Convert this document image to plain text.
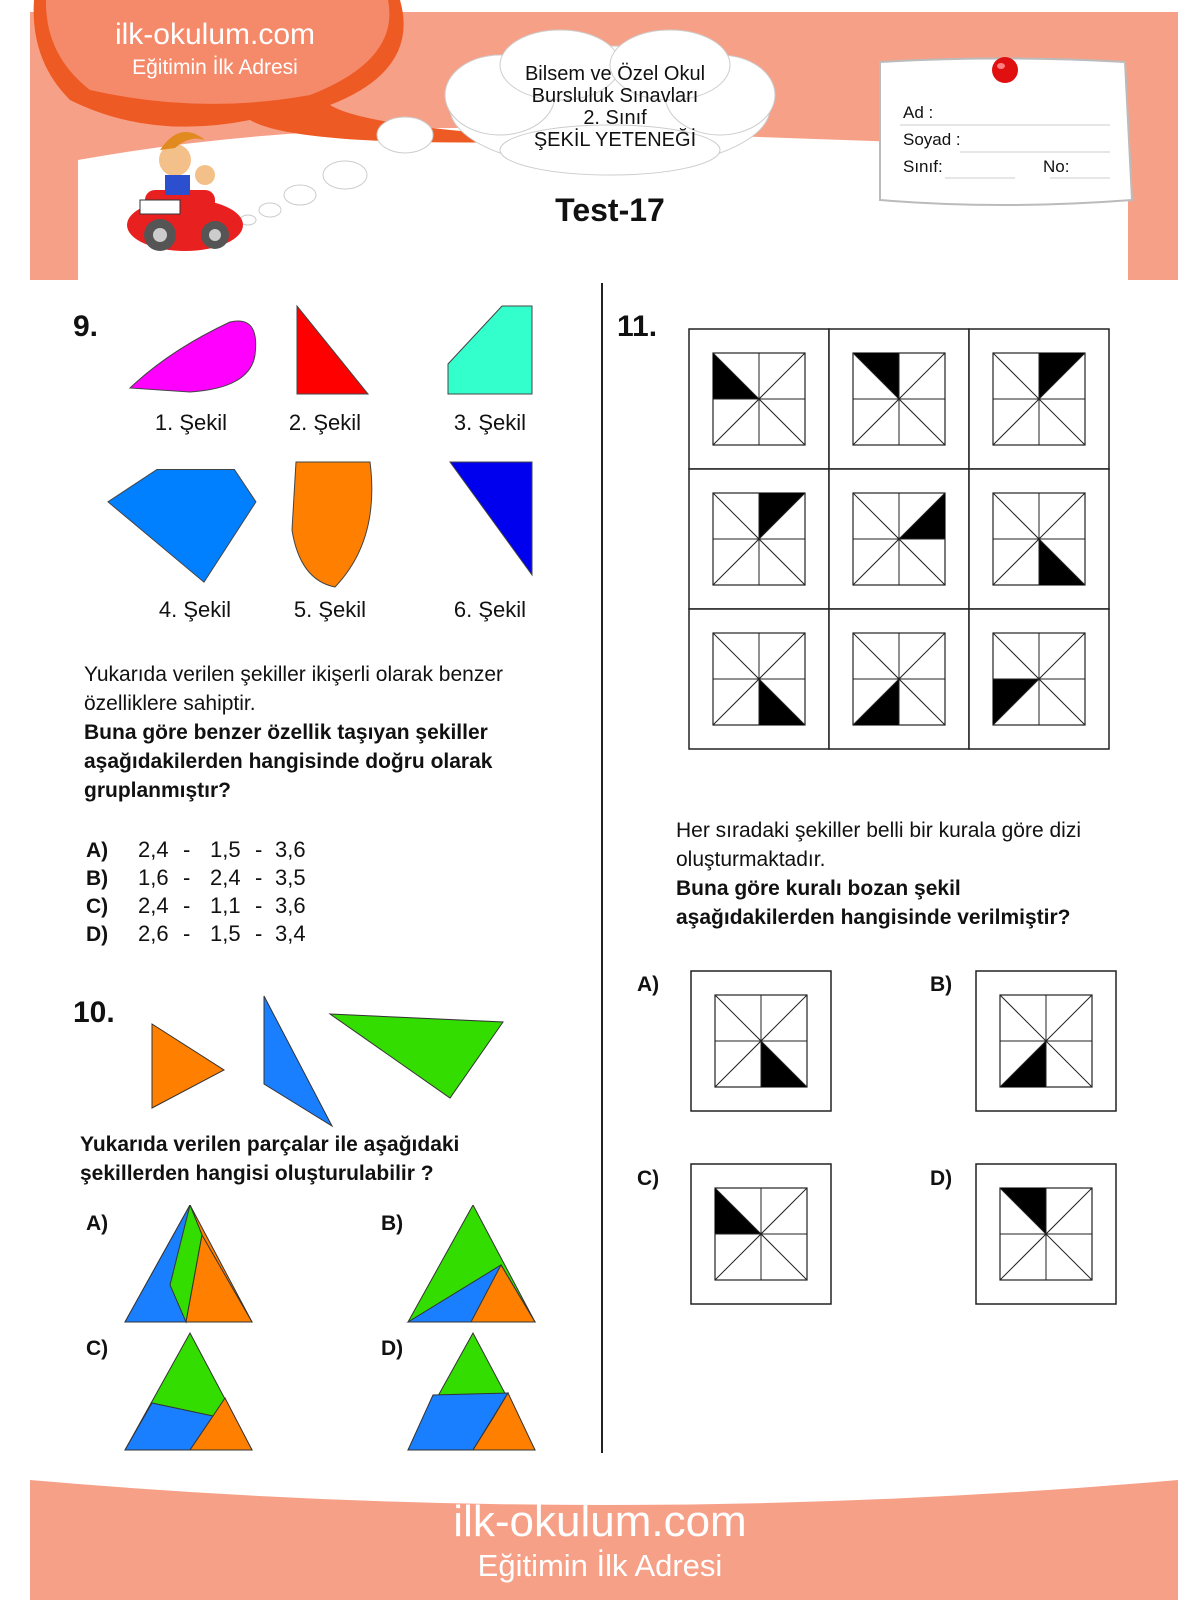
ilk-okulum.com
Eğitimin İlk Adresi	Bilsem ve Özel Okul
Bursluluk Sınavları
2. Sınıf
ŞEKİL YETENEĞİ
Ad :
Soyad :
Sınıf:	No:
Test-17
9.
1. Şekil	2. Şekil	3. Şekil
4. Şekil	5. Şekil	6. Şekil
Yukarıda verilen şekiller ikişerli olarak benzer
özelliklere sahiptir.
Buna göre benzer özellik taşıyan şekiller
aşağıdakilerden hangisinde doğru olarak
gruplanmıştır?
A) 2,4 - 1,5 - 3,6
B) 1,6 - 2,4 - 3,5
C) 2,4 - 1,1 - 3,6
D) 2,6 - 1,5 - 3,4
10.
Yukarıda verilen parçalar ile aşağıdaki
şekillerden hangisi oluşturulabilir ?
A)	B)
C)	D)
11.
Her sıradaki şekiller belli bir kurala göre dizi
oluşturmaktadır.
Buna göre kuralı bozan şekil
aşağıdakilerden hangisinde verilmiştir?
A)	B)
C)	D)
ilk-okulum.com
Eğitimin İlk Adresi
